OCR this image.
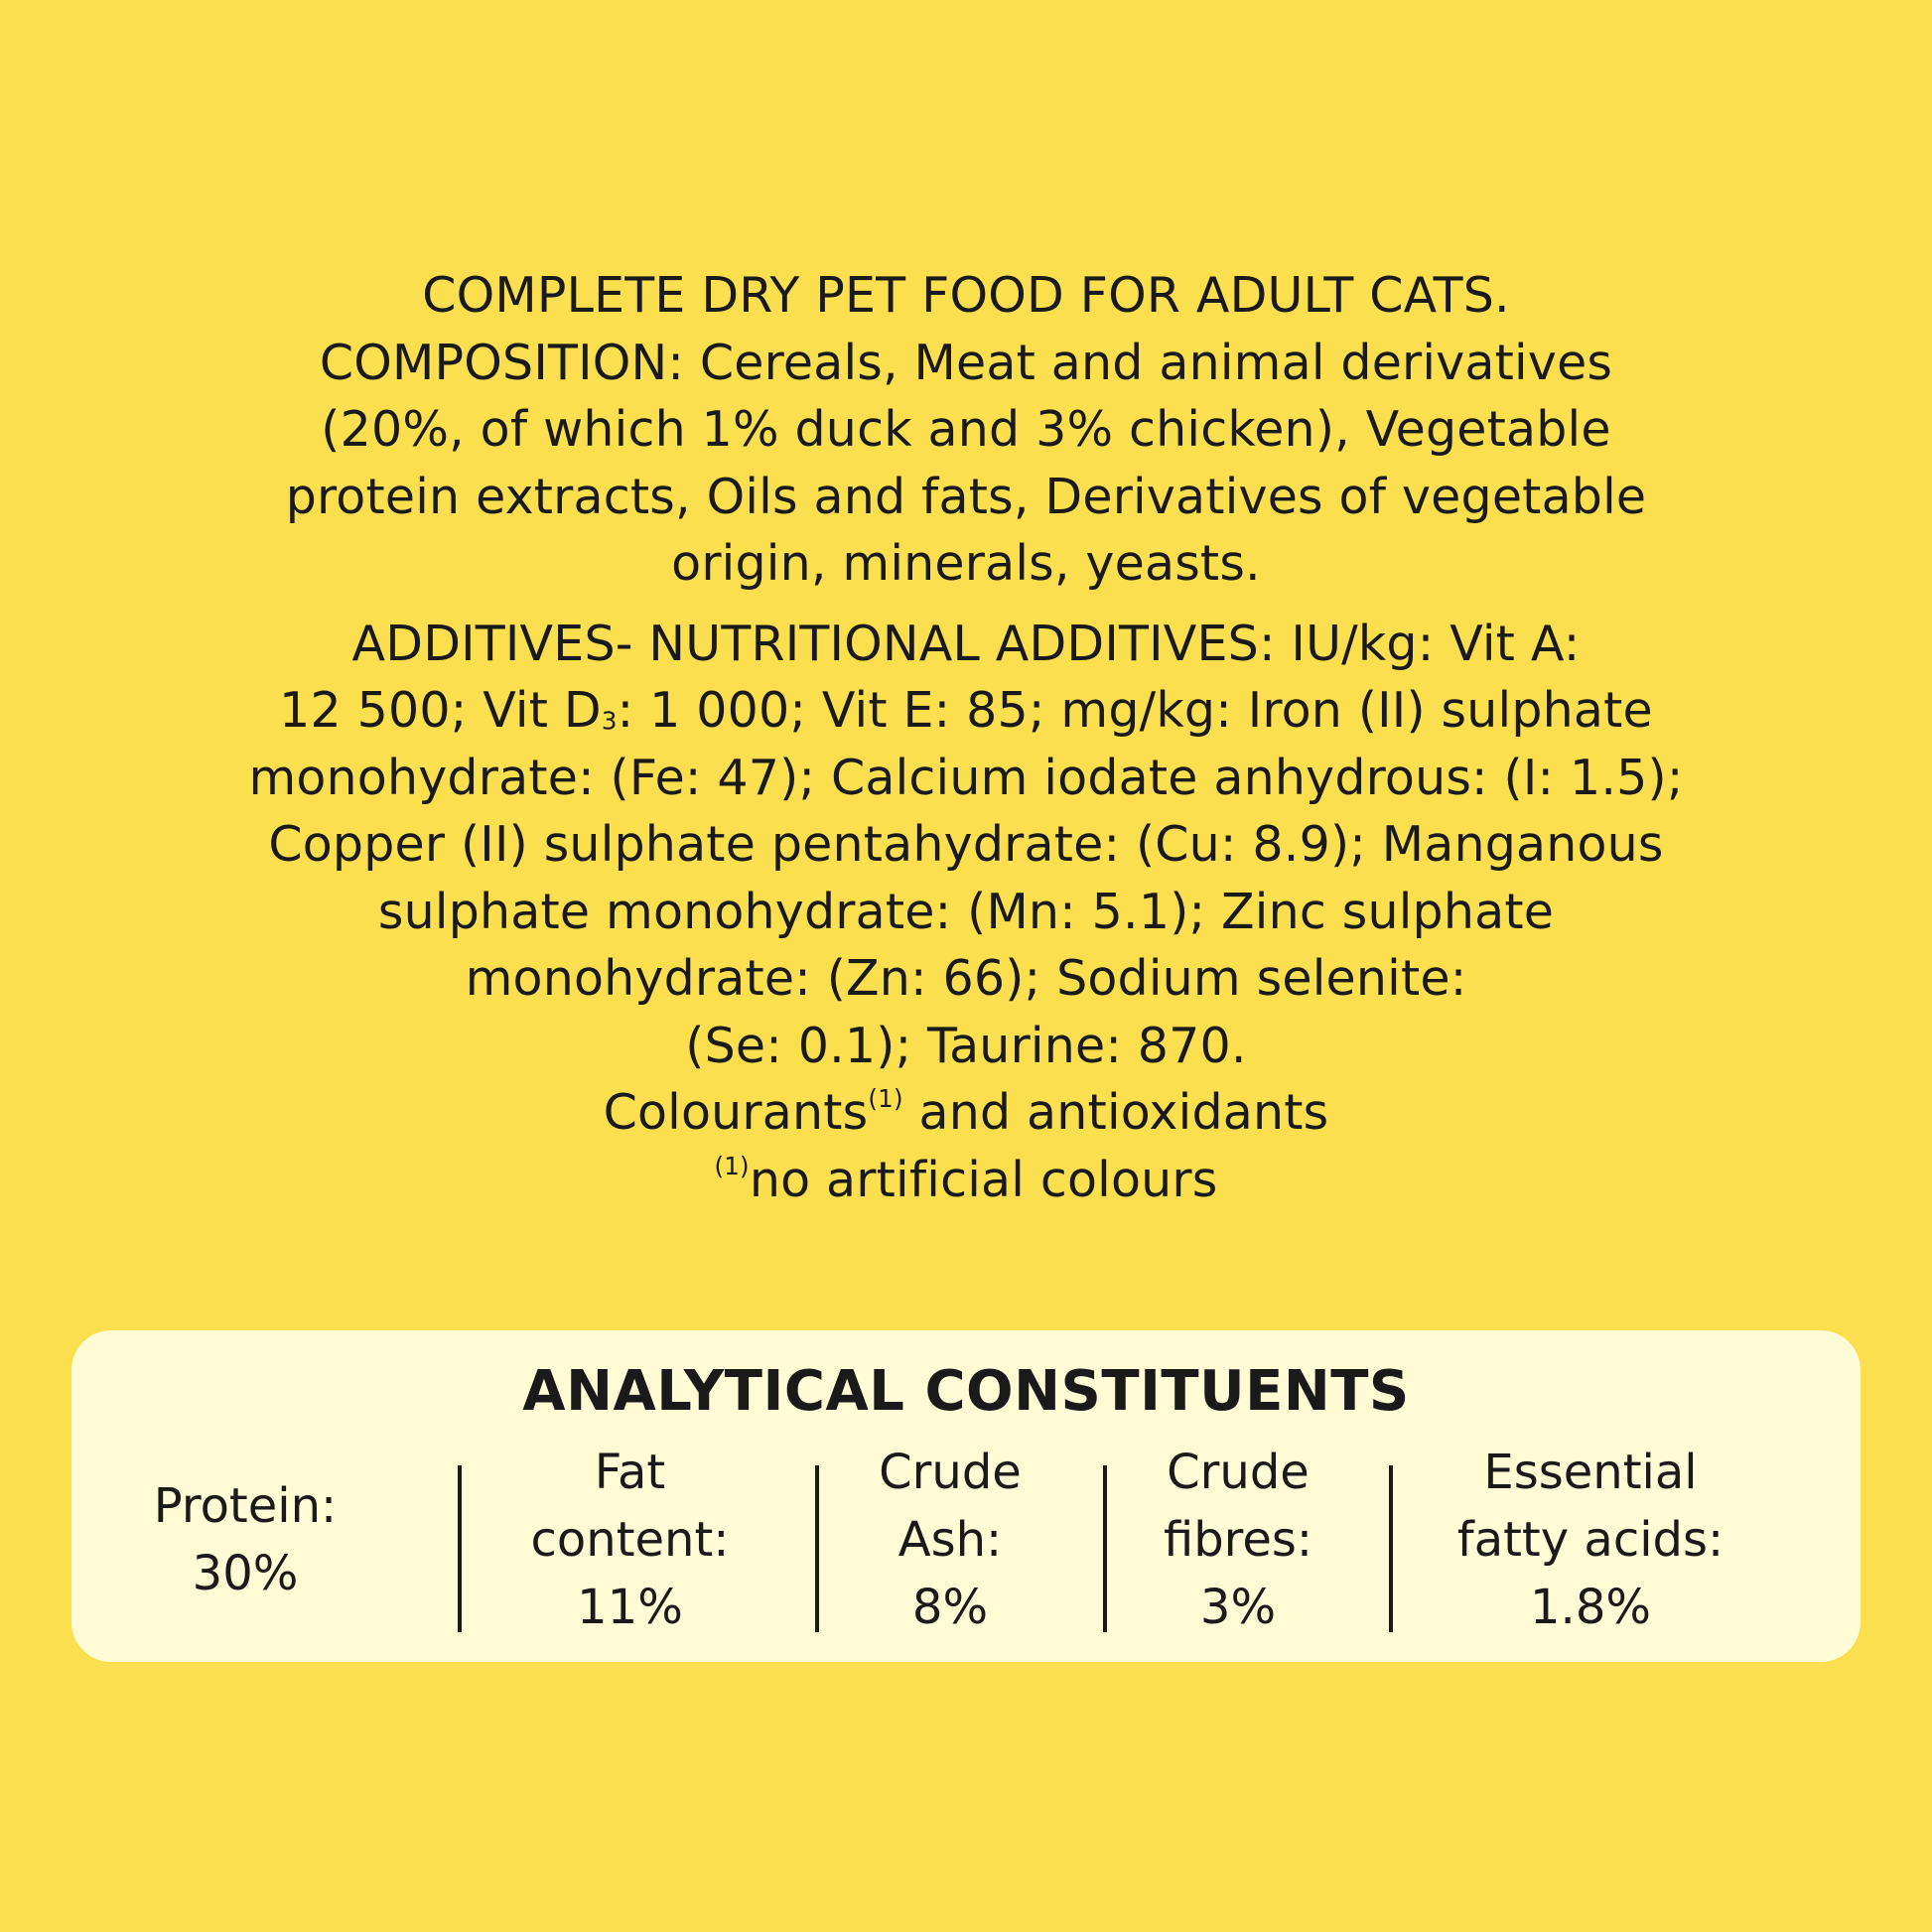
COMPLETE DRY PET FOOD FOR ADULT CATS.
COMPOSITION: Cereals, Meat and animal derivatives
(20%, of which 1% duck and 3% chicken), Vegetable
protein extracts, Oils and fats, Derivatives of vegetable
origin, minerals, yeasts.

ADDITIVES- NUTRITIONAL ADDITIVES: IU/kg: Vit A:
12 500; Vit $D_3$: 1 000; Vit E: 85; mg/kg: Iron (II) sulphate
monohydrate: (Fe: 47); Calcium iodate anhydrous: (I: 1.5);
Copper (II) sulphate pentahydrate: (Cu: 8.9); Manganous
sulphate monohydrate: (Mn: 5.1); Zinc sulphate
monohydrate: (Zn: 66); Sodium selenite:
(Se: 0.1); Taurine: 870.
Colourants$^{(1)}$ and antioxidants
$^{(1)}$no artificial colours

ANALYTICAL CONSTITUENTS
Protein:
30%
Fat
content:
11%
Crude
Ash:
8%
Crude
fibres:
3%
Essential
fatty acids:
1.8%
